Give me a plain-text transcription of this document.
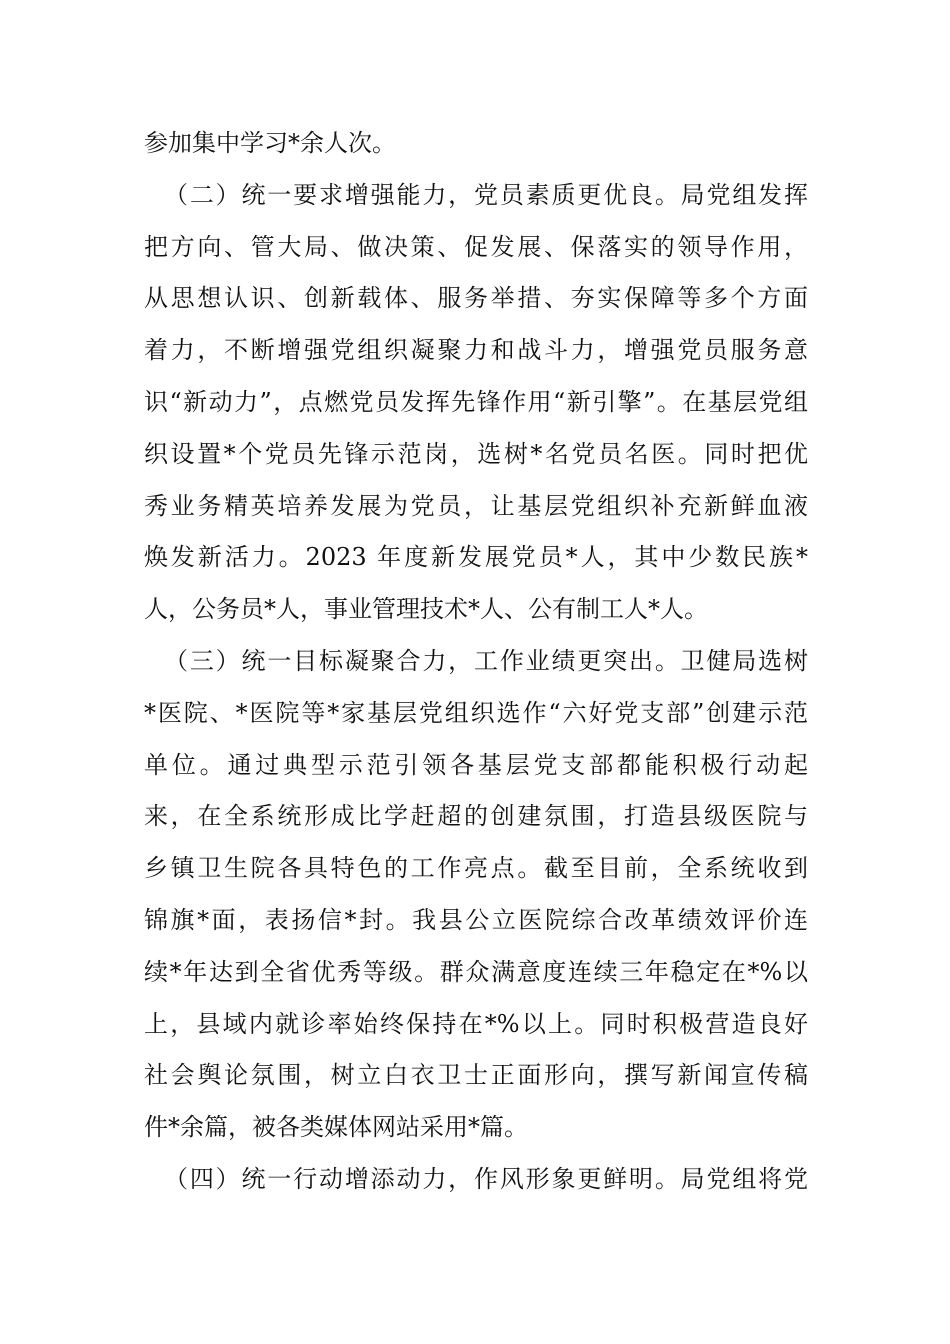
参加集中学习*余人次。
（二）统一要求增强能力，党员素质更优良。局党组发挥
把方向、管大局、做决策、促发展、保落实的领导作用，
从思想认识、创新载体、服务举措、夯实保障等多个方面
着力，不断增强党组织凝聚力和战斗力，增强党员服务意
识“新动力”，点燃党员发挥先锋作用“新引擎”。在基层党组
织设置*个党员先锋示范岗，选树*名党员名医。同时把优
秀业务精英培养发展为党员，让基层党组织补充新鲜血液
焕发新活力。2023 年度新发展党员*人，其中少数民族*
人，公务员*人，事业管理技术*人、公有制工人*人。
（三）统一目标凝聚合力，工作业绩更突出。卫健局选树
*医院、*医院等*家基层党组织选作“六好党支部”创建示范
单位。通过典型示范引领各基层党支部都能积极行动起
来，在全系统形成比学赶超的创建氛围，打造县级医院与
乡镇卫生院各具特色的工作亮点。截至目前，全系统收到
锦旗*面，表扬信*封。我县公立医院综合改革绩效评价连
续*年达到全省优秀等级。群众满意度连续三年稳定在*%以
上，县域内就诊率始终保持在*%以上。同时积极营造良好
社会舆论氛围，树立白衣卫士正面形向，撰写新闻宣传稿
件*余篇，被各类媒体网站采用*篇。
（四）统一行动增添动力，作风形象更鲜明。局党组将党
